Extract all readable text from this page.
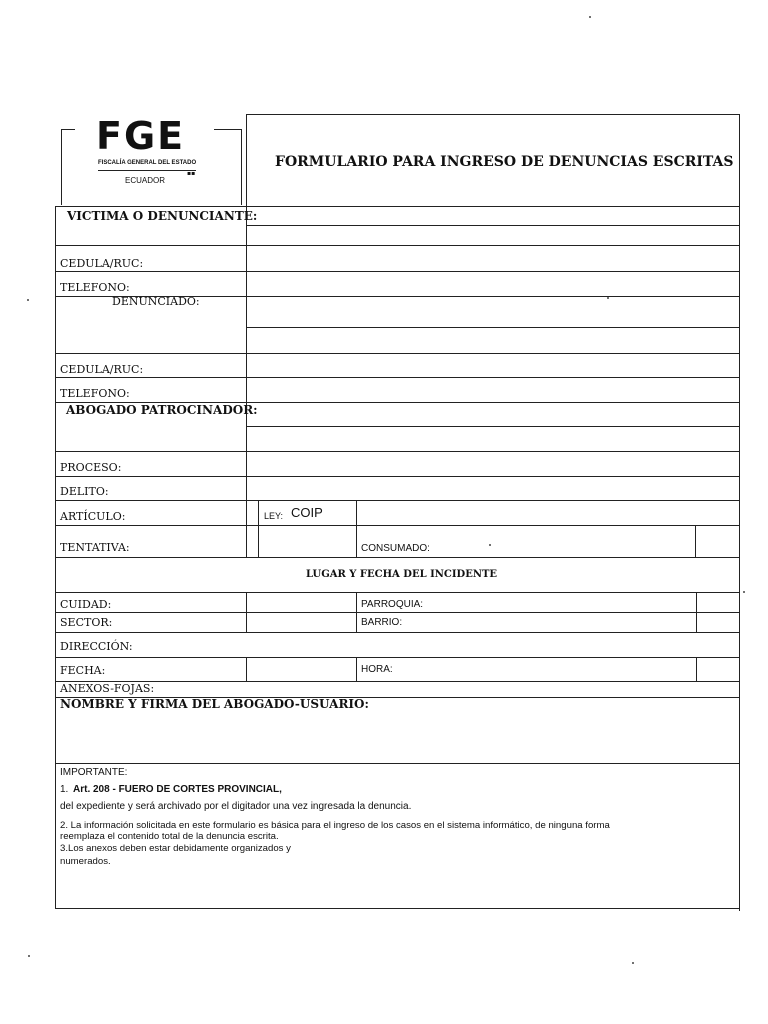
FGE
FISCALÍA GENERAL DEL ESTADO
▪▪
ECUADOR
FORMULARIO PARA INGRESO DE DENUNCIAS ESCRITAS
VICTIMA O DENUNCIANTE:
CEDULA/RUC:
TELEFONO:
DENUNCIADO:
CEDULA/RUC:
TELEFONO:
ABOGADO PATROCINADOR:
PROCESO:
DELITO:
ARTÍCULO:	LEY: COIP
TENTATIVA:	CONSUMADO:
LUGAR Y FECHA DEL INCIDENTE
CUIDAD:	PARROQUIA:
SECTOR:	BARRIO:
DIRECCIÓN:
FECHA:	HORA:
ANEXOS-FOJAS:
NOMBRE Y FIRMA DEL ABOGADO-USUARIO:
IMPORTANTE:
1. Art. 208 - FUERO DE CORTES PROVINCIAL,
del expediente y será archivado por el digitador una vez ingresada la denuncia.
2. La información solicitada en este formulario es básica para el ingreso de los casos en el sistema informático, de ninguna forma
reemplaza el contenido total de la denuncia escrita.
3.Los anexos deben estar debidamente organizados y
numerados.
